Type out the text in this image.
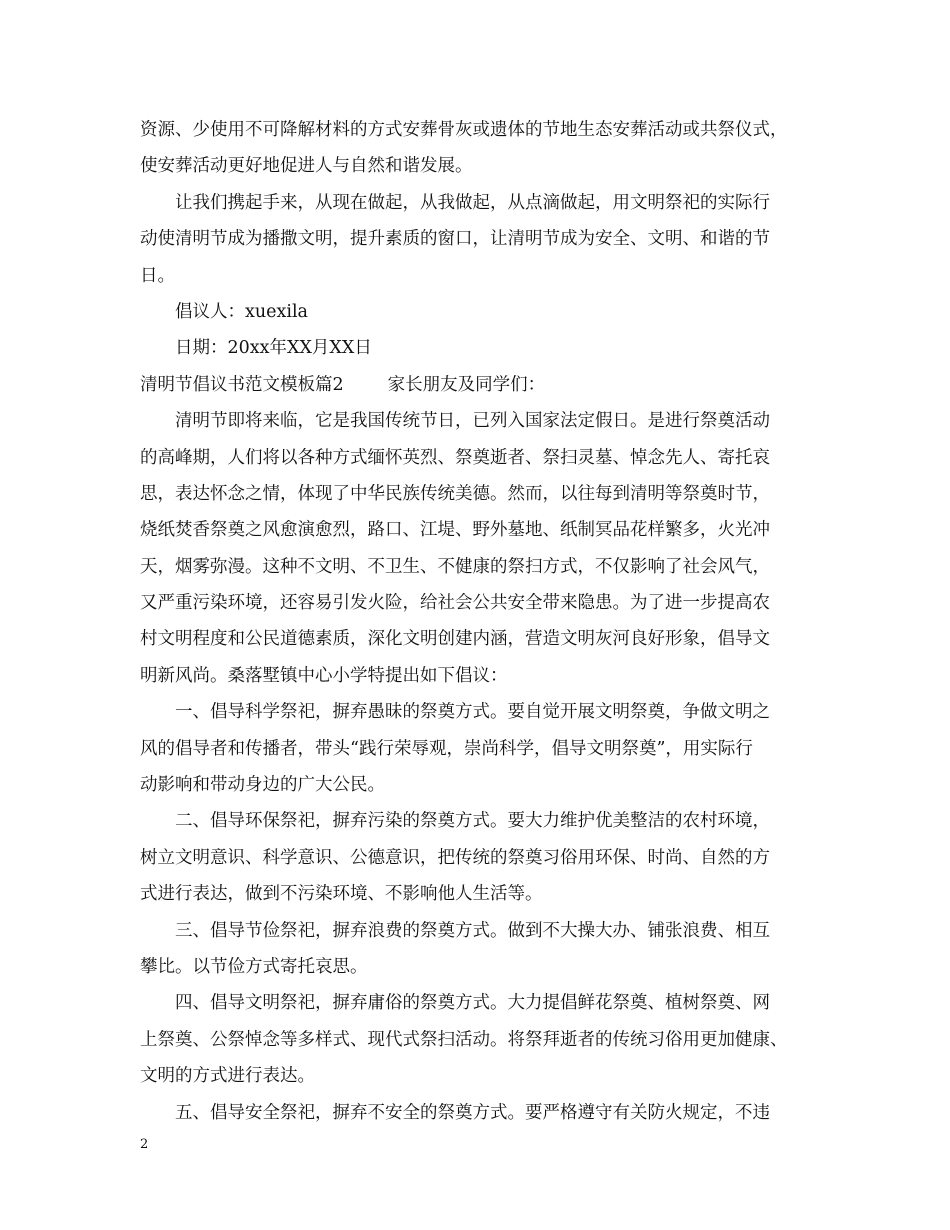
资源、少使用不可降解材料的方式安葬骨灰或遗体的节地生态安葬活动或共祭仪式，
使安葬活动更好地促进人与自然和谐发展。
让我们携起手来，从现在做起，从我做起，从点滴做起，用文明祭祀的实际行
动使清明节成为播撒文明，提升素质的窗口，让清明节成为安全、文明、和谐的节
日。
倡议人：xuexila
日期：20xx年XX月XX日
清明节倡议书范文模板篇2	家长朋友及同学们：
清明节即将来临，它是我国传统节日，已列入国家法定假日。是进行祭奠活动
的高峰期，人们将以各种方式缅怀英烈、祭奠逝者、祭扫灵墓、悼念先人、寄托哀
思，表达怀念之情，体现了中华民族传统美德。然而，以往每到清明等祭奠时节，
烧纸焚香祭奠之风愈演愈烈，路口、江堤、野外墓地、纸制冥品花样繁多，火光冲
天，烟雾弥漫。这种不文明、不卫生、不健康的祭扫方式，不仅影响了社会风气，
又严重污染环境，还容易引发火险，给社会公共安全带来隐患。为了进一步提高农
村文明程度和公民道德素质，深化文明创建内涵，营造文明灰河良好形象，倡导文
明新风尚。桑落墅镇中心小学特提出如下倡议：
一、倡导科学祭祀，摒弃愚昧的祭奠方式。要自觉开展文明祭奠，争做文明之
风的倡导者和传播者，带头“践行荣辱观，崇尚科学，倡导文明祭奠”，用实际行
动影响和带动身边的广大公民。
二、倡导环保祭祀，摒弃污染的祭奠方式。要大力维护优美整洁的农村环境，
树立文明意识、科学意识、公德意识，把传统的祭奠习俗用环保、时尚、自然的方
式进行表达，做到不污染环境、不影响他人生活等。
三、倡导节俭祭祀，摒弃浪费的祭奠方式。做到不大操大办、铺张浪费、相互
攀比。以节俭方式寄托哀思。
四、倡导文明祭祀，摒弃庸俗的祭奠方式。大力提倡鲜花祭奠、植树祭奠、网
上祭奠、公祭悼念等多样式、现代式祭扫活动。将祭拜逝者的传统习俗用更加健康、
文明的方式进行表达。
五、倡导安全祭祀，摒弃不安全的祭奠方式。要严格遵守有关防火规定，不违
2
